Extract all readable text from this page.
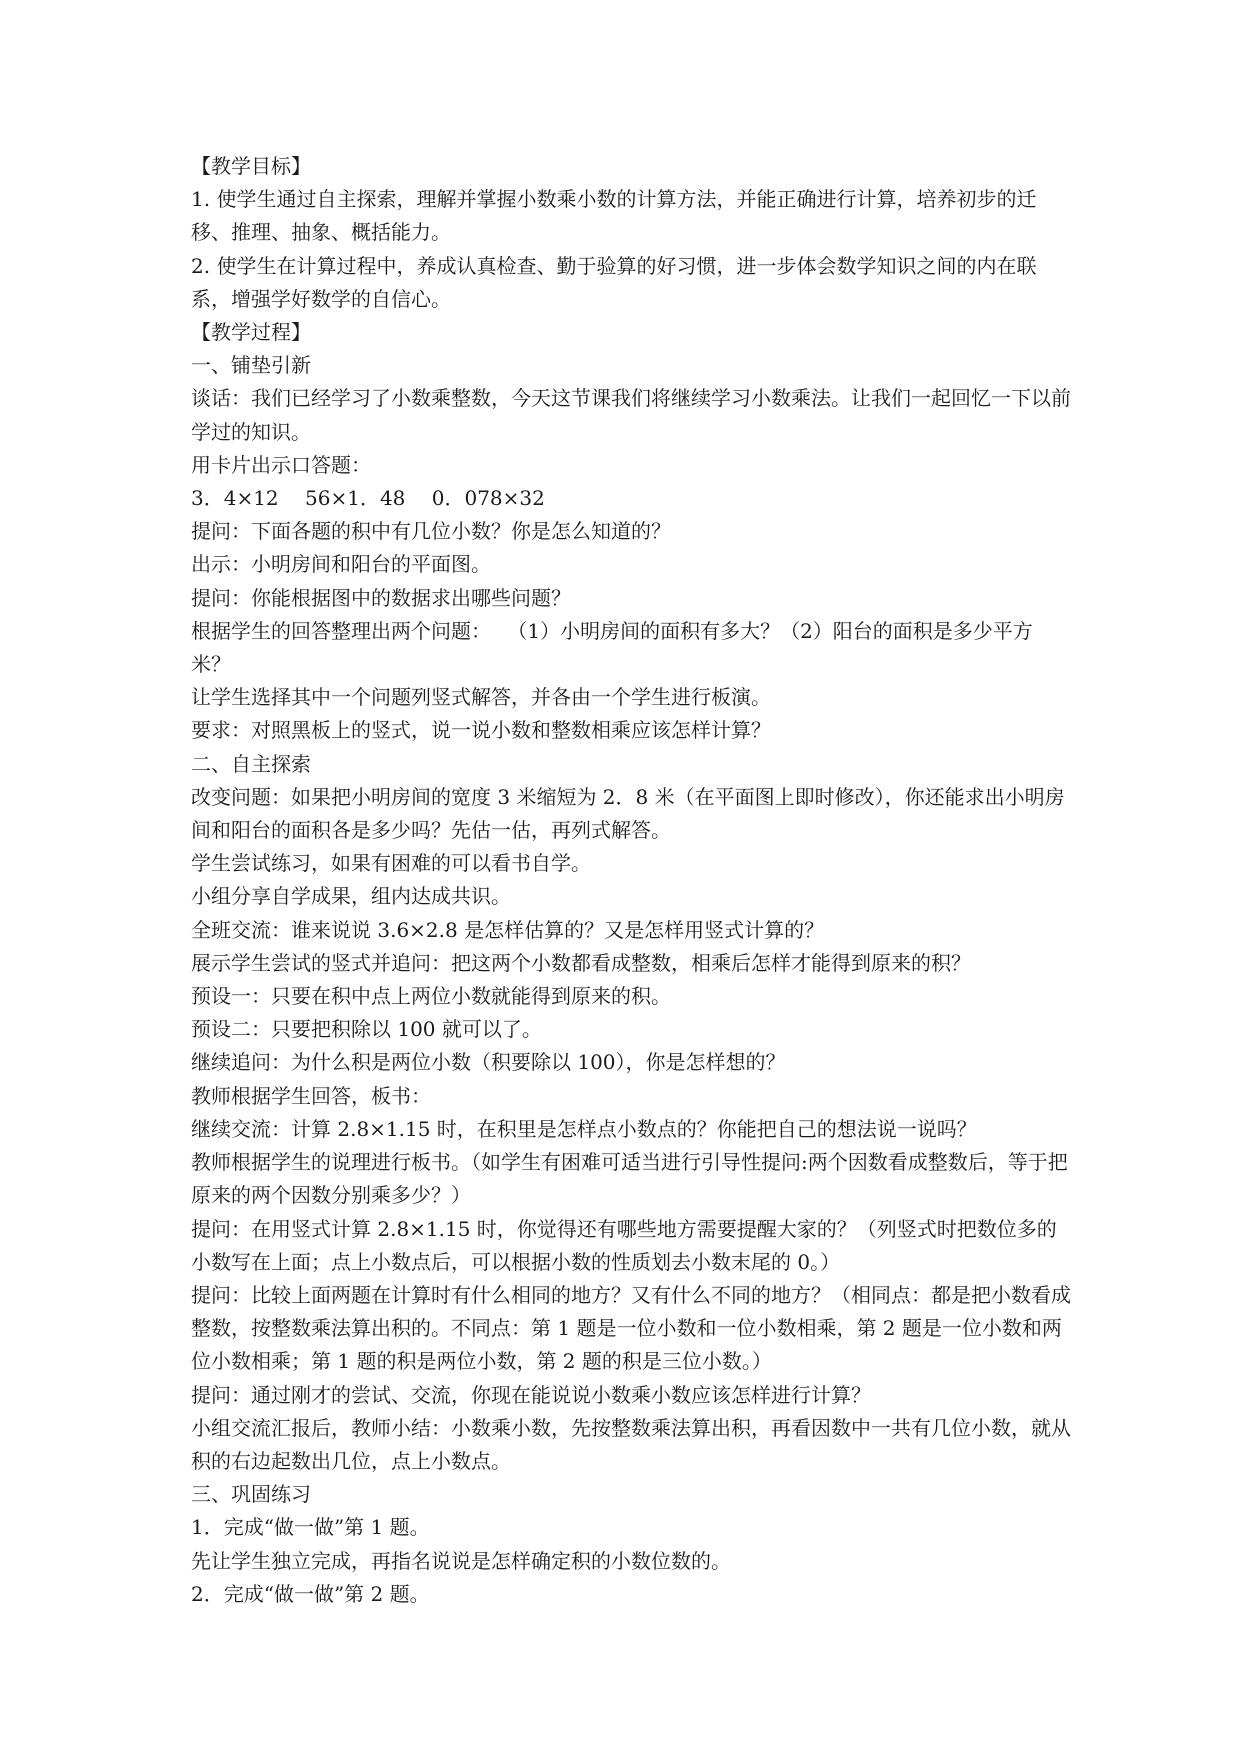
【教学目标】

1. 使学生通过自主探索，理解并掌握小数乘小数的计算方法，并能正确进行计算，培养初步的迁移、推理、抽象、概括能力。

2. 使学生在计算过程中，养成认真检查、勤于验算的好习惯，进一步体会数学知识之间的内在联系，增强学好数学的自信心。

【教学过程】

一、铺垫引新

谈话：我们已经学习了小数乘整数，今天这节课我们将继续学习小数乘法。让我们一起回忆一下以前学过的知识。

用卡片出示口答题：

3．4×12　 56×1．48　 0．078×32

提问：下面各题的积中有几位小数？你是怎么知道的？

出示：小明房间和阳台的平面图。

提问：你能根据图中的数据求出哪些问题？

根据学生的回答整理出两个问题：　 （1）小明房间的面积有多大？（2）阳台的面积是多少平方米？

让学生选择其中一个问题列竖式解答，并各由一个学生进行板演。

要求：对照黑板上的竖式，说一说小数和整数相乘应该怎样计算？

二、自主探索

改变问题：如果把小明房间的宽度 3 米缩短为 2．8 米（在平面图上即时修改），你还能求出小明房间和阳台的面积各是多少吗？先估一估，再列式解答。

学生尝试练习，如果有困难的可以看书自学。

小组分享自学成果，组内达成共识。

全班交流：谁来说说 3.6×2.8 是怎样估算的？又是怎样用竖式计算的？

展示学生尝试的竖式并追问：把这两个小数都看成整数，相乘后怎样才能得到原来的积？

预设一：只要在积中点上两位小数就能得到原来的积。

预设二：只要把积除以 100 就可以了。

继续追问：为什么积是两位小数（积要除以 100），你是怎样想的？

教师根据学生回答，板书：

继续交流：计算 2.8×1.15 时，在积里是怎样点小数点的？你能把自己的想法说一说吗？

教师根据学生的说理进行板书。（如学生有困难可适当进行引导性提问:两个因数看成整数后，等于把原来的两个因数分别乘多少？）

提问：在用竖式计算 2.8×1.15 时，你觉得还有哪些地方需要提醒大家的？（列竖式时把数位多的小数写在上面；点上小数点后，可以根据小数的性质划去小数末尾的 0。）

提问：比较上面两题在计算时有什么相同的地方？又有什么不同的地方？（相同点：都是把小数看成整数，按整数乘法算出积的。不同点：第 1 题是一位小数和一位小数相乘，第 2 题是一位小数和两位小数相乘；第 1 题的积是两位小数，第 2 题的积是三位小数。）

提问：通过刚才的尝试、交流，你现在能说说小数乘小数应该怎样进行计算？

小组交流汇报后，教师小结：小数乘小数，先按整数乘法算出积，再看因数中一共有几位小数，就从积的右边起数出几位，点上小数点。

三、巩固练习

1．完成“做一做”第 1 题。

先让学生独立完成，再指名说说是怎样确定积的小数位数的。

2．完成“做一做”第 2 题。
